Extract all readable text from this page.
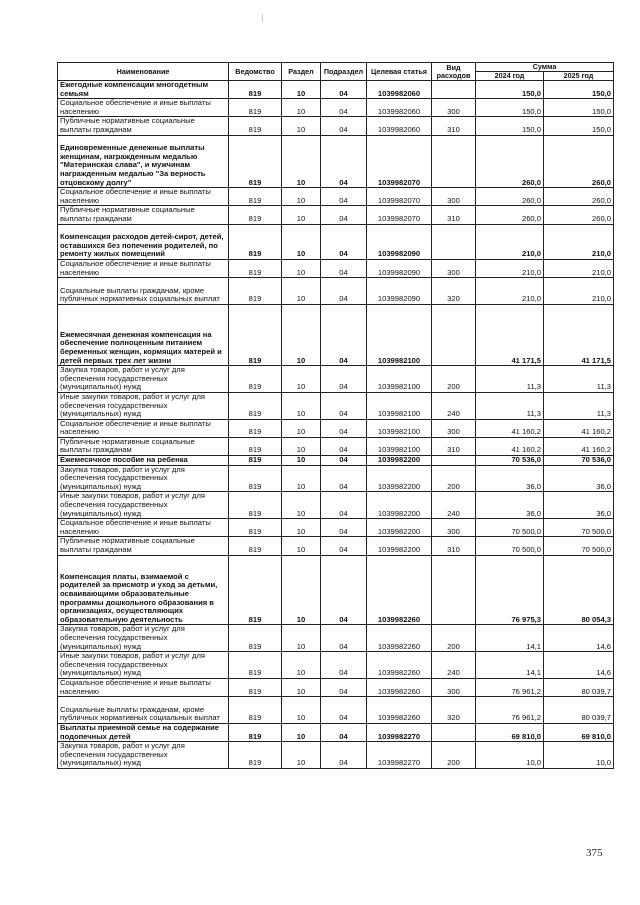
Наименование	Ведомство	Раздел	Подраздел	Целевая статья	Вид расходов	Сумма	
						2024 год	2025 год
Ежегодные компенсации многодетным семьям	819	10	04	1039982060		150,0	150,0
Социальное обеспечение и иные выплаты населению	819	10	04	1039982060	300	150,0	150,0
Публичные нормативные социальные выплаты гражданам	819	10	04	1039982060	310	150,0	150,0
Единовременные денежные выплаты женщинам, награжденным медалью "Материнская слава", и мужчинам награжденным медалью "За верность отцовскому долгу"	819	10	04	1039982070		260,0	260,0
Социальное обеспечение и иные выплаты населению	819	10	04	1039982070	300	260,0	260,0
Публичные нормативные социальные выплаты гражданам	819	10	04	1039982070	310	260,0	260,0
Компенсация расходов детей-сирот, детей, оставшихся без попечения родителей, по ремонту жилых помещений	819	10	04	1039982090		210,0	210,0
Социальное обеспечение и иные выплаты населению	819	10	04	1039982090	300	210,0	210,0
Социальные выплаты гражданам, кроме публичных нормативных социальных выплат	819	10	04	1039982090	320	210,0	210,0
Ежемесячная денежная компенсация на обеспечение полноценным питанием беременных женщин, кормящих матерей и детей первых трех лет жизни	819	10	04	1039982100		41 171,5	41 171,5
Закупка товаров, работ и услуг для обеспечения государственных (муниципальных) нужд	819	10	04	1039982100	200	11,3	11,3
Иные закупки товаров, работ и услуг для обеспечения государственных (муниципальных) нужд	819	10	04	1039982100	240	11,3	11,3
Социальное обеспечение и иные выплаты населению	819	10	04	1039982100	300	41 160,2	41 160,2
Публичные нормативные социальные выплаты гражданам	819	10	04	1039982100	310	41 160,2	41 160,2
Ежемесячное пособие на ребенка	819	10	04	1039982200		70 536,0	70 536,0
Закупка товаров, работ и услуг для обеспечения государственных (муниципальных) нужд	819	10	04	1039982200	200	36,0	36,0
Иные закупки товаров, работ и услуг для обеспечения государственных (муниципальных) нужд	819	10	04	1039982200	240	36,0	36,0
Социальное обеспечение и иные выплаты населению	819	10	04	1039982200	300	70 500,0	70 500,0
Публичные нормативные социальные выплаты гражданам	819	10	04	1039982200	310	70 500,0	70 500,0
Компенсация платы, взимаемой с родителей за присмотр и уход за детьми, осваивающими образовательные программы дошкольного образования в организациях, осуществляющих образовательную деятельность	819	10	04	1039982260		76 975,3	80 054,3
Закупка товаров, работ и услуг для обеспечения государственных (муниципальных) нужд	819	10	04	1039982260	200	14,1	14,6
Иные закупки товаров, работ и услуг для обеспечения государственных (муниципальных) нужд	819	10	04	1039982260	240	14,1	14,6
Социальное обеспечение и иные выплаты населению	819	10	04	1039982260	300	76 961,2	80 039,7
Социальные выплаты гражданам, кроме публичных нормативных социальных выплат	819	10	04	1039982260	320	76 961,2	80 039,7
Выплаты приемной семье на содержание подопечных детей	819	10	04	1039982270		69 810,0	69 810,0
Закупка товаров, работ и услуг для обеспечения государственных (муниципальных) нужд	819	10	04	1039982270	200	10,0	10,0
375
